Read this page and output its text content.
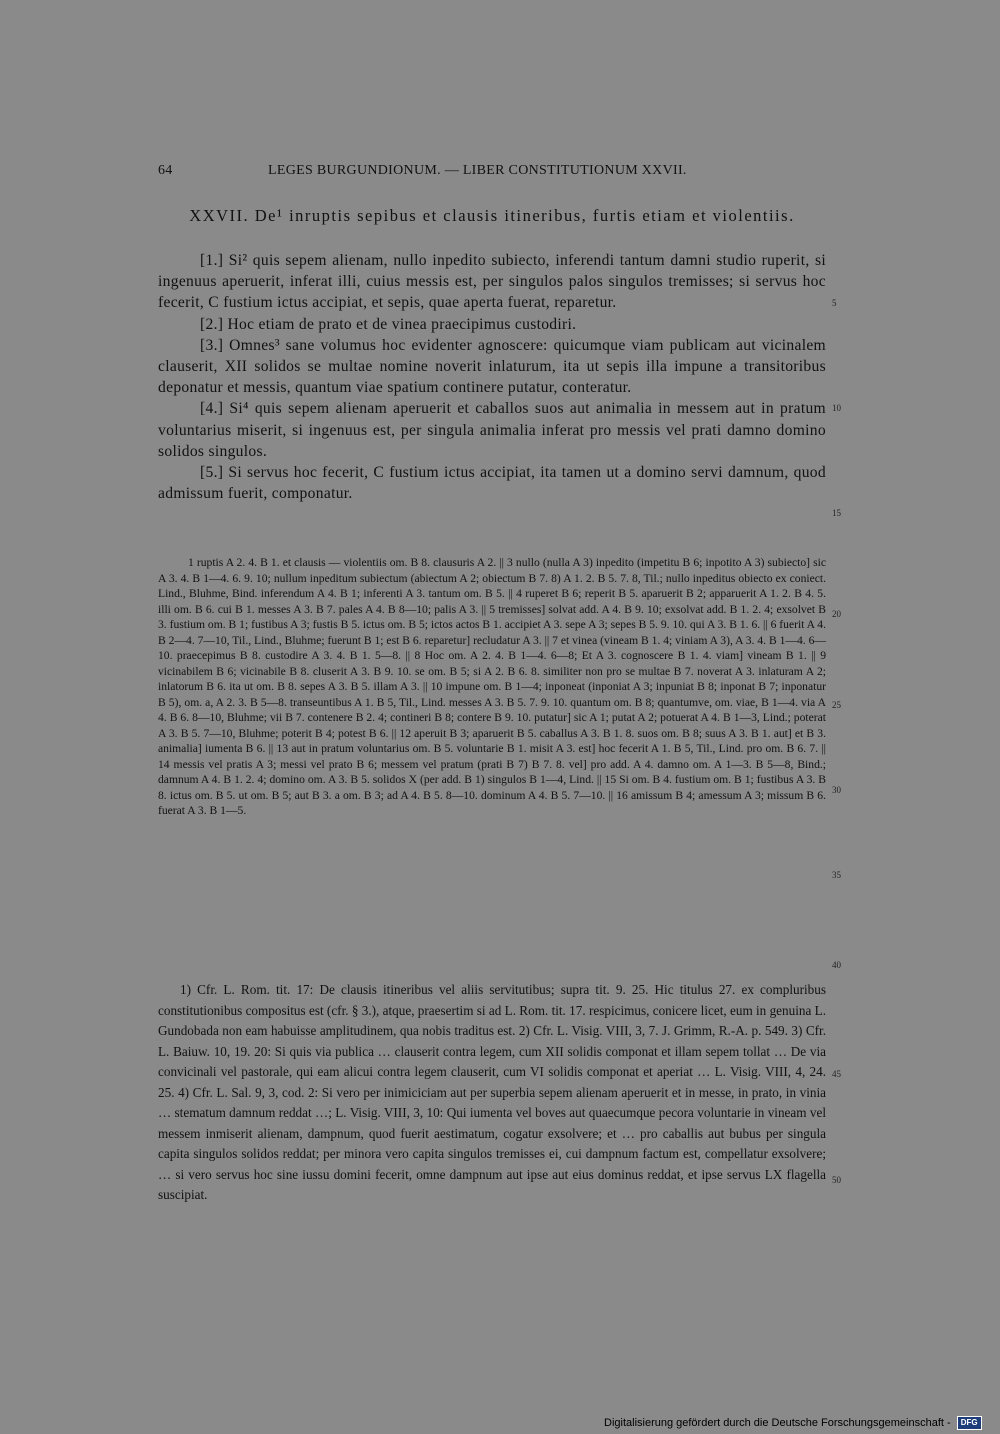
64	LEGES BURGUNDIONUM. — LIBER CONSTITUTIONUM XXVII.
XXVII. De¹ inruptis sepibus et clausis itineribus, furtis etiam et violentiis.

[1.] Si² quis sepem alienam, nullo inpedito subiecto, inferendi tantum damni studio ruperit, si ingenuus aperuerit, inferat illi, cuius messis est, per singulos palos singulos tremisses; si servus hoc fecerit, C fustium ictus accipiat, et sepis, quae aperta fuerat, reparetur.

[2.] Hoc etiam de prato et de vinea praecipimus custodiri.

[3.] Omnes³ sane volumus hoc evidenter agnoscere: quicumque viam publicam aut vicinalem clauserit, XII solidos se multae nomine noverit inlaturum, ita ut sepis illa impune a transitoribus deponatur et messis, quantum viae spatium continere putatur, conteratur.

[4.] Si⁴ quis sepem alienam aperuerit et caballos suos aut animalia in messem aut in pratum voluntarius miserit, si ingenuus est, per singula animalia inferat pro messis vel prati damno domino solidos singulos.

[5.] Si servus hoc fecerit, C fustium ictus accipiat, ita tamen ut a domino servi damnum, quod admissum fuerit, componatur.

1 ruptis A 2. 4. B 1. et clausis — violentiis om. B 8. clausuris A 2. || 3 nullo (nulla A 3) inpedito (impetitu B 6; inpotito A 3) subiecto] sic A 3. 4. B 1—4. 6. 9. 10; nullum inpeditum subiectum (abiectum A 2; obiectum B 7. 8) A 1. 2. B 5. 7. 8, Til.; nullo inpeditus obiecto ex coniect. Lind., Bluhme, Bind. inferendum A 4. B 1; inferenti A 3. tantum om. B 5. || 4 ruperet B 6; reperit B 5. aparuerit B 2; apparuerit A 1. 2. B 4. 5. illi om. B 6. cui B 1. messes A 3. B 7. pales A 4. B 8—10; palis A 3. || 5 tremisses] solvat add. A 4. B 9. 10; exsolvat add. B 1. 2. 4; exsolvet B 3. fustium om. B 1; fustibus A 3; fustis B 5. ictus om. B 5; ictos actos B 1. accipiet A 3. sepe A 3; sepes B 5. 9. 10. qui A 3. B 1. 6. || 6 fuerit A 4. B 2—4. 7—10, Til., Lind., Bluhme; fuerunt B 1; est B 6. reparetur] recludatur A 3. || 7 et vinea (vineam B 1. 4; viniam A 3), A 3. 4. B 1—4. 6—10. praecepimus B 8. custodire A 3. 4. B 1. 5—8. || 8 Hoc om. A 2. 4. B 1—4. 6—8; Et A 3. cognoscere B 1. 4. viam] vineam B 1. || 9 vicinabilem B 6; vicinabile B 8. cluserit A 3. B 9. 10. se om. B 5; si A 2. B 6. 8. similiter non pro se multae B 7. noverat A 3. inlaturam A 2; inlatorum B 6. ita ut om. B 8. sepes A 3. B 5. illam A 3. || 10 impune om. B 1—4; inponeat (inponiat A 3; inpuniat B 8; inponat B 7; inponatur B 5), om. a, A 2. 3. B 5—8. transeuntibus A 1. B 5, Til., Lind. messes A 3. B 5. 7. 9. 10. quantum om. B 8; quantumve, om. viae, B 1—4. via A 4. B 6. 8—10, Bluhme; vii B 7. contenere B 2. 4; contineri B 8; contere B 9. 10. putatur] sic A 1; putat A 2; potuerat A 4. B 1—3, Lind.; poterat A 3. B 5. 7—10, Bluhme; poterit B 4; potest B 6. || 12 aperuit B 3; aparuerit B 5. caballus A 3. B 1. 8. suos om. B 8; suus A 3. B 1. aut] et B 3. animalia] iumenta B 6. || 13 aut in pratum voluntarius om. B 5. voluntarie B 1. misit A 3. est] hoc fecerit A 1. B 5, Til., Lind. pro om. B 6. 7. || 14 messis vel pratis A 3; messi vel prato B 6; messem vel pratum (prati B 7) B 7. 8. vel] pro add. A 4. damno om. A 1—3. B 5—8, Bind.; damnum A 4. B 1. 2. 4; domino om. A 3. B 5. solidos X (per add. B 1) singulos B 1—4, Lind. || 15 Si om. B 4. fustium om. B 1; fustibus A 3. B 8. ictus om. B 5. ut om. B 5; aut B 3. a om. B 3; ad A 4. B 5. 8—10. dominum A 4. B 5. 7—10. || 16 amissum B 4; amessum A 3; missum B 6. fuerat A 3. B 1—5.

1) Cfr. L. Rom. tit. 17: De clausis itineribus vel aliis servitutibus; supra tit. 9. 25. Hic titulus 27. ex compluribus constitutionibus compositus est (cfr. § 3.), atque, praesertim si ad L. Rom. tit. 17. respicimus, conicere licet, eum in genuina L. Gundobada non eam habuisse amplitudinem, qua nobis traditus est. 2) Cfr. L. Visig. VIII, 3, 7. J. Grimm, R.-A. p. 549. 3) Cfr. L. Baiuw. 10, 19. 20: Si quis via publica … clauserit contra legem, cum XII solidis componat et illam sepem tollat … De via convicinali vel pastorale, qui eam alicui contra legem clauserit, cum VI solidis componat et aperiat … L. Visig. VIII, 4, 24. 25. 4) Cfr. L. Sal. 9, 3, cod. 2: Si vero per inimiciciam aut per superbia sepem alienam aperuerit et in messe, in prato, in vinia … stematum damnum reddat …; L. Visig. VIII, 3, 10: Qui iumenta vel boves aut quaecumque pecora voluntarie in vineam vel messem inmiserit alienam, dampnum, quod fuerit aestimatum, cogatur exsolvere; et … pro caballis aut bubus per singula capita singulos solidos reddat; per minora vero capita singulos tremisses ei, cui dampnum factum est, compellatur exsolvere; … si vero servus hoc sine iussu domini fecerit, omne dampnum aut ipse aut eius dominus reddat, et ipse servus LX flagella suscipiat.

5
10
15
20
25
30
35
40
45
50
Digitalisierung gefördert durch die Deutsche Forschungsgemeinschaft - DFG
